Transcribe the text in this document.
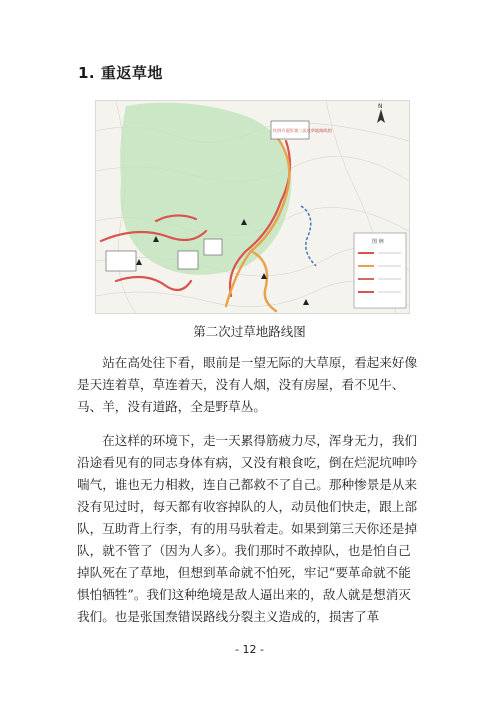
1. 重返草地
红四方面军第二次过草地路线图
N
图 例
第二次过草地路线图

站在高处往下看，眼前是一望无际的大草原，看起来好像是天连着草，草连着天，没有人烟，没有房屋，看不见牛、马、羊，没有道路，全是野草丛。

在这样的环境下，走一天累得筋疲力尽，浑身无力，我们沿途看见有的同志身体有病，又没有粮食吃，倒在烂泥坑呻吟喘气，谁也无力相救，连自己都救不了自己。那种惨景是从来没有见过时，每天都有收容掉队的人，动员他们快走，跟上部队，互助背上行李，有的用马驮着走。如果到第三天你还是掉队，就不管了（因为人多）。我们那时不敢掉队，也是怕自己掉队死在了草地，但想到革命就不怕死，牢记“要革命就不能惧怕牺牲”。我们这种绝境是敌人逼出来的，敌人就是想消灭我们。也是张国焘错误路线分裂主义造成的，损害了革

- 12 -
